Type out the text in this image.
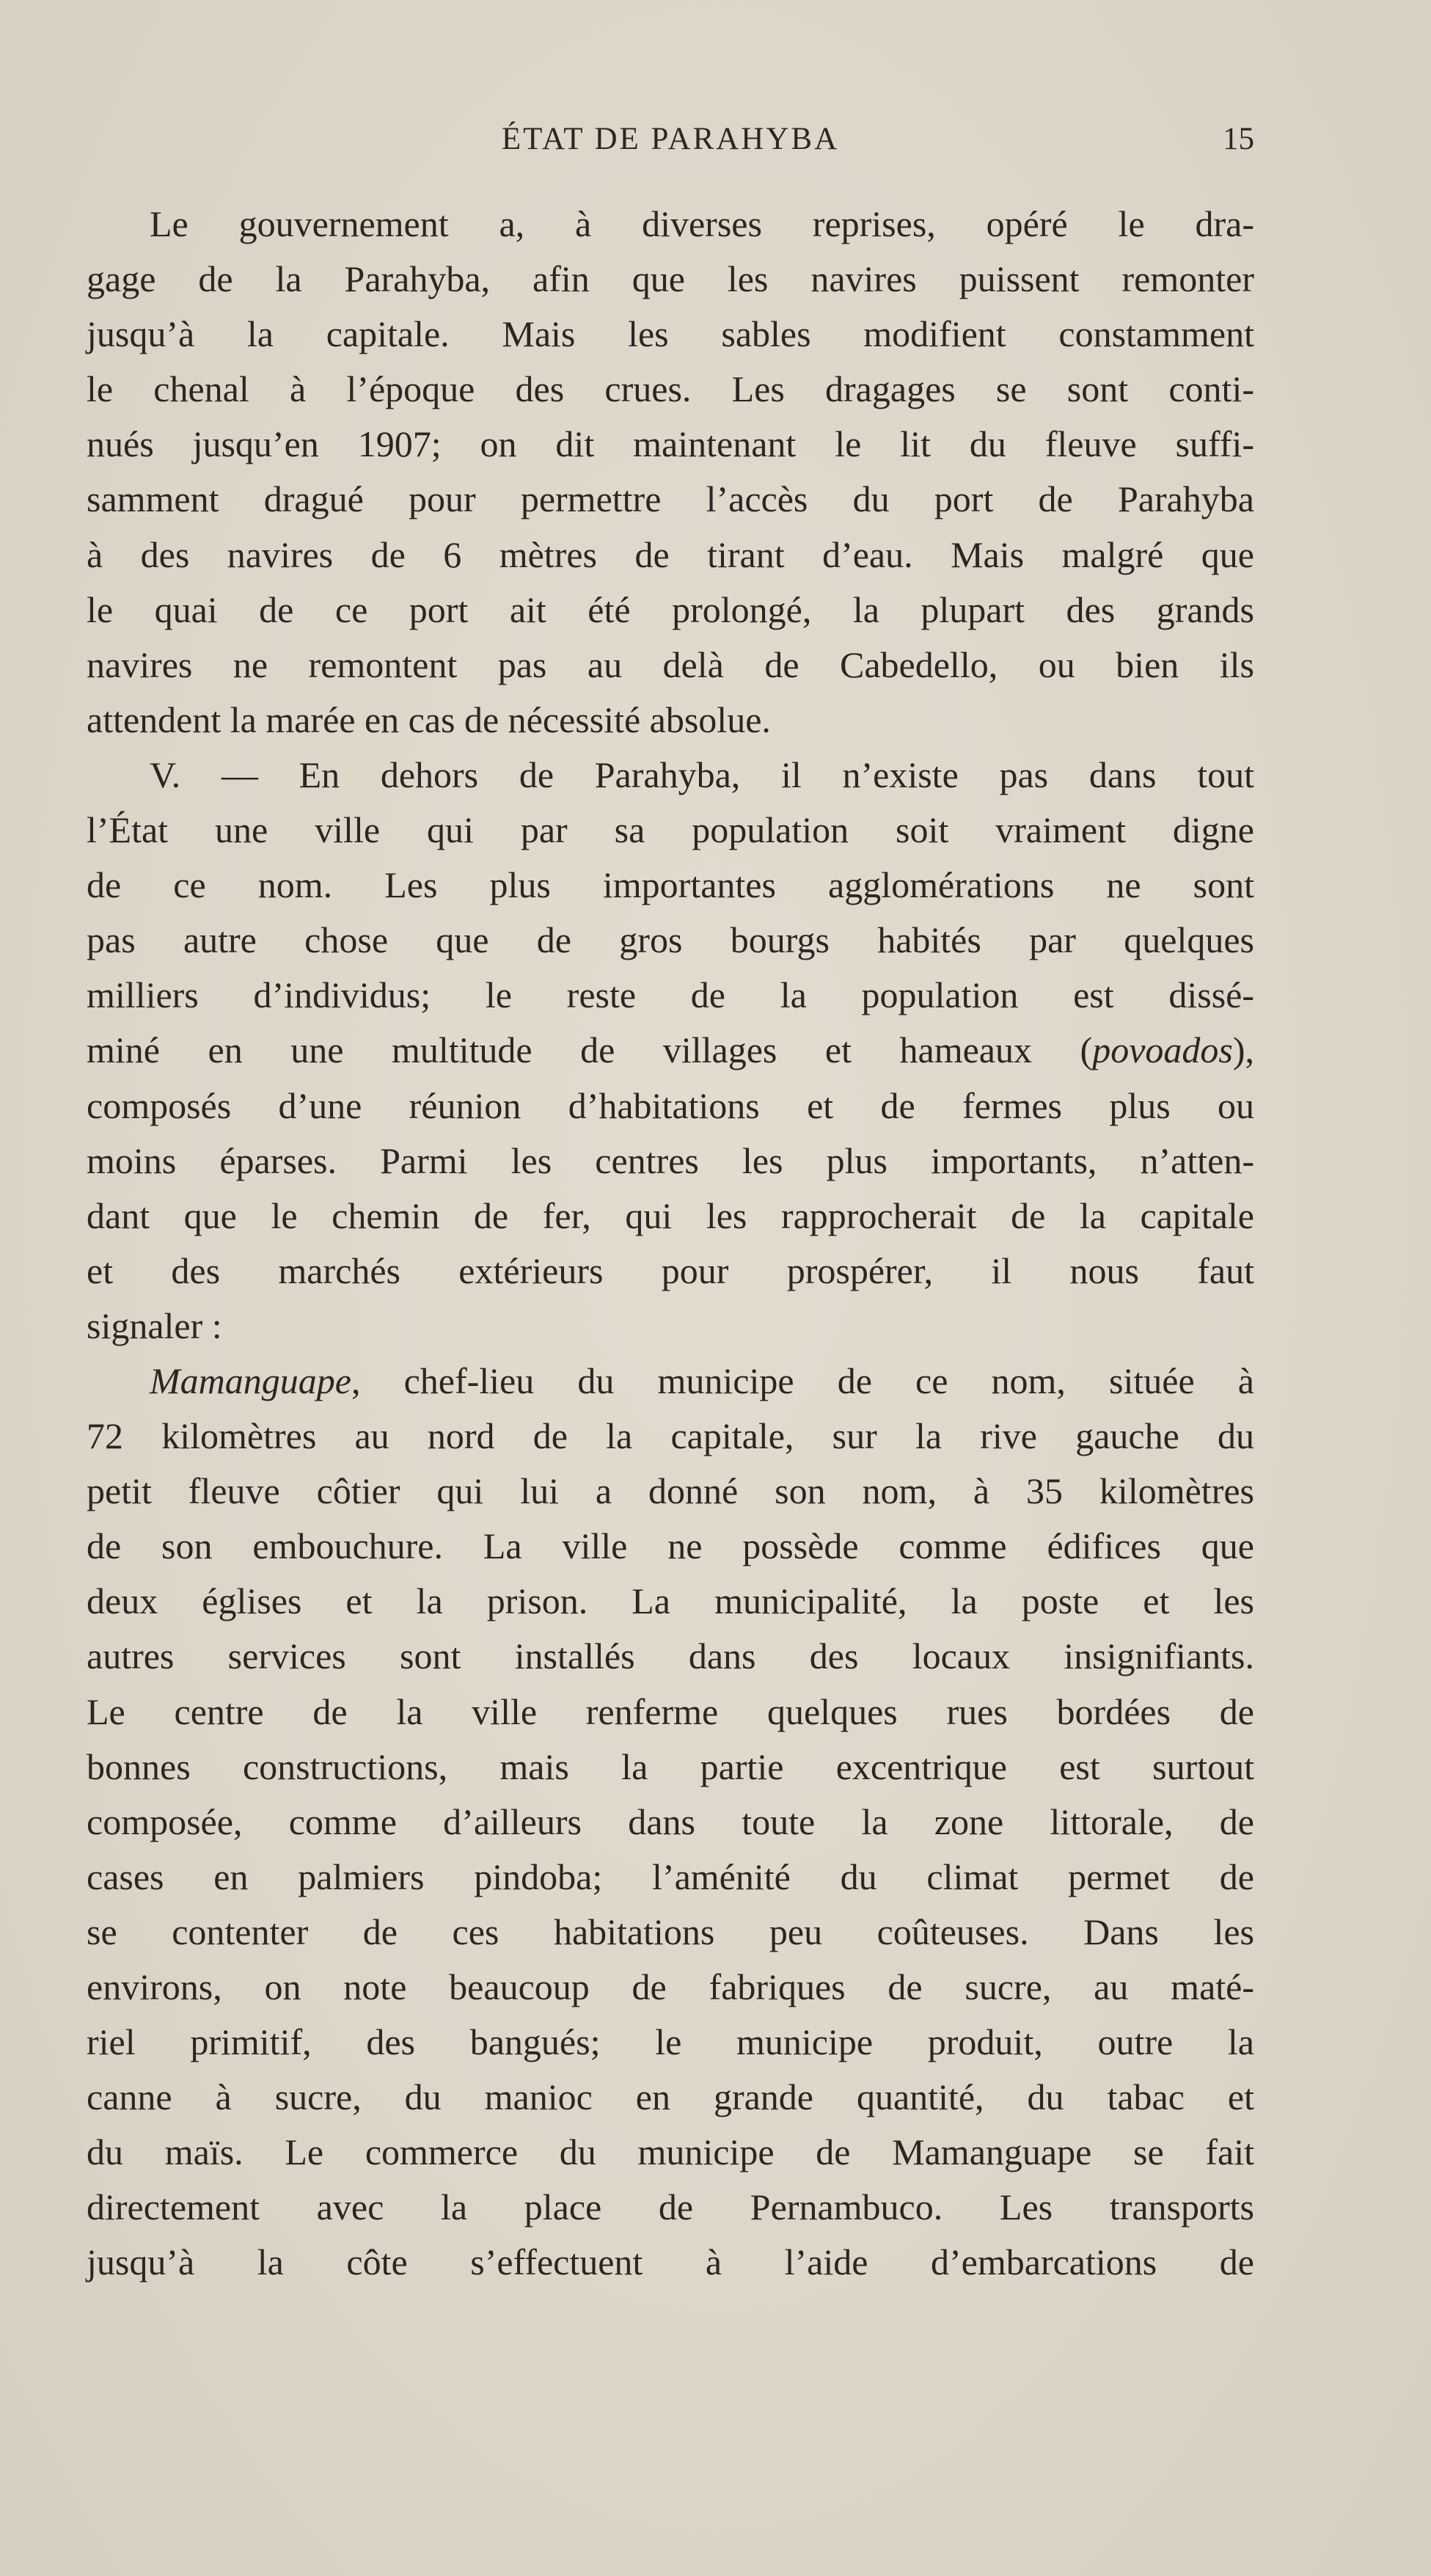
ÉTAT DE PARAHYBA	15
Le gouvernement a, à diverses reprises, opéré le dra-
gage de la Parahyba, afin que les navires puissent remonter
jusqu’à la capitale. Mais les sables modifient constamment
le chenal à l’époque des crues. Les dragages se sont conti-
nués jusqu’en 1907; on dit maintenant le lit du fleuve suffi-
samment dragué pour permettre l’accès du port de Parahyba
à des navires de 6 mètres de tirant d’eau. Mais malgré que
le quai de ce port ait été prolongé, la plupart des grands
navires ne remontent pas au delà de Cabedello, ou bien ils
attendent la marée en cas de nécessité absolue.
V. — En dehors de Parahyba, il n’existe pas dans tout
l’État une ville qui par sa population soit vraiment digne
de ce nom. Les plus importantes agglomérations ne sont
pas autre chose que de gros bourgs habités par quelques
milliers d’individus; le reste de la population est dissé-
miné en une multitude de villages et hameaux (povoados),
composés d’une réunion d’habitations et de fermes plus ou
moins éparses. Parmi les centres les plus importants, n’atten-
dant que le chemin de fer, qui les rapprocherait de la capitale
et des marchés extérieurs pour prospérer, il nous faut
signaler :
Mamanguape, chef-lieu du municipe de ce nom, située à
72 kilomètres au nord de la capitale, sur la rive gauche du
petit fleuve côtier qui lui a donné son nom, à 35 kilomètres
de son embouchure. La ville ne possède comme édifices que
deux églises et la prison. La municipalité, la poste et les
autres services sont installés dans des locaux insignifiants.
Le centre de la ville renferme quelques rues bordées de
bonnes constructions, mais la partie excentrique est surtout
composée, comme d’ailleurs dans toute la zone littorale, de
cases en palmiers pindoba; l’aménité du climat permet de
se contenter de ces habitations peu coûteuses. Dans les
environs, on note beaucoup de fabriques de sucre, au maté-
riel primitif, des bangués; le municipe produit, outre la
canne à sucre, du manioc en grande quantité, du tabac et
du maïs. Le commerce du municipe de Mamanguape se fait
directement avec la place de Pernambuco. Les transports
jusqu’à la côte s’effectuent à l’aide d’embarcations de
